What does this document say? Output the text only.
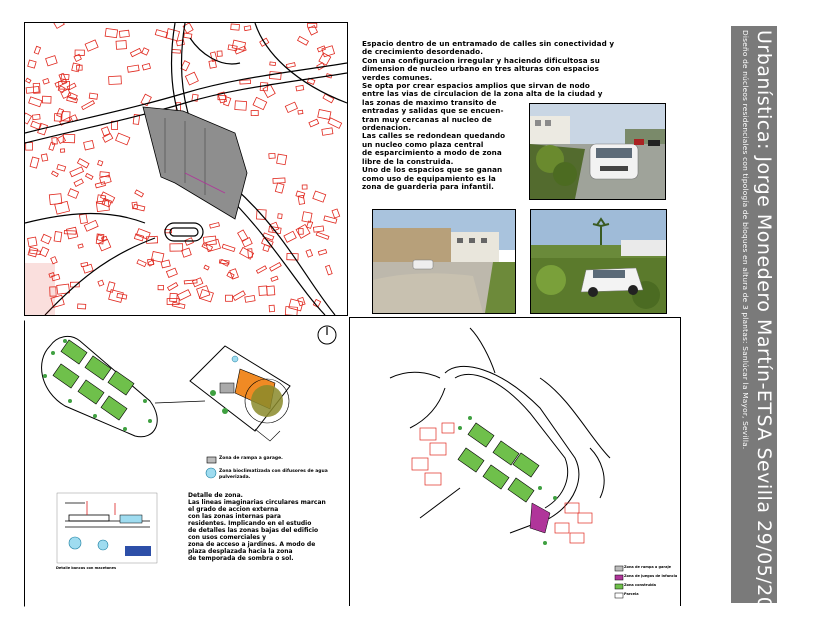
Espacio dentro de un entramado de calles sin conectividad y
de crecimiento desordenado.
Con una configuracion irregular y haciendo dificultosa su
dimension de nucleo urbano en tres alturas con espacios
verdes comunes.
Se opta por crear espacios amplios que sirvan de nodo
entre las vias de circulacion de la zona alta de la ciudad y
las zonas de maximo transito de
entradas y salidas que se encuen-
tran muy cercanas al nucleo de
ordenacion.
Las calles se redondean quedando
un nucleo como plaza central
de esparcimiento a modo de zona
libre de la construida.
Uno de los espacios que se ganan
como uso de equipamiento es la
zona de guarderia para infantil.
Zona de rampa a garage.
Zona bioclimatizada con difusores de agua pulverizada.
Detalle de zona.
Las lineas imaginarias circulares marcan
el grado de accion externa
con las zonas internas para
residentes. Implicando en el estudio
de detalles las zonas bajas del edificio
con usos comerciales y
zona de acceso a jardines. A modo de
plaza desplazada hacia la zona
de temporada de sombra o sol.
Detalle bancos con macetones	Zona de rampa a garaje
Zona de juegos de infancia
Zona construida
Parcela	Urbanística: Jorge Monedero Martín-ETSA Sevilla 29/05/2009
Diseño de núcleos residenciales con tipología de bloques en altura de 3 plantas: Sanlúcar la Mayor, Sevilla.
